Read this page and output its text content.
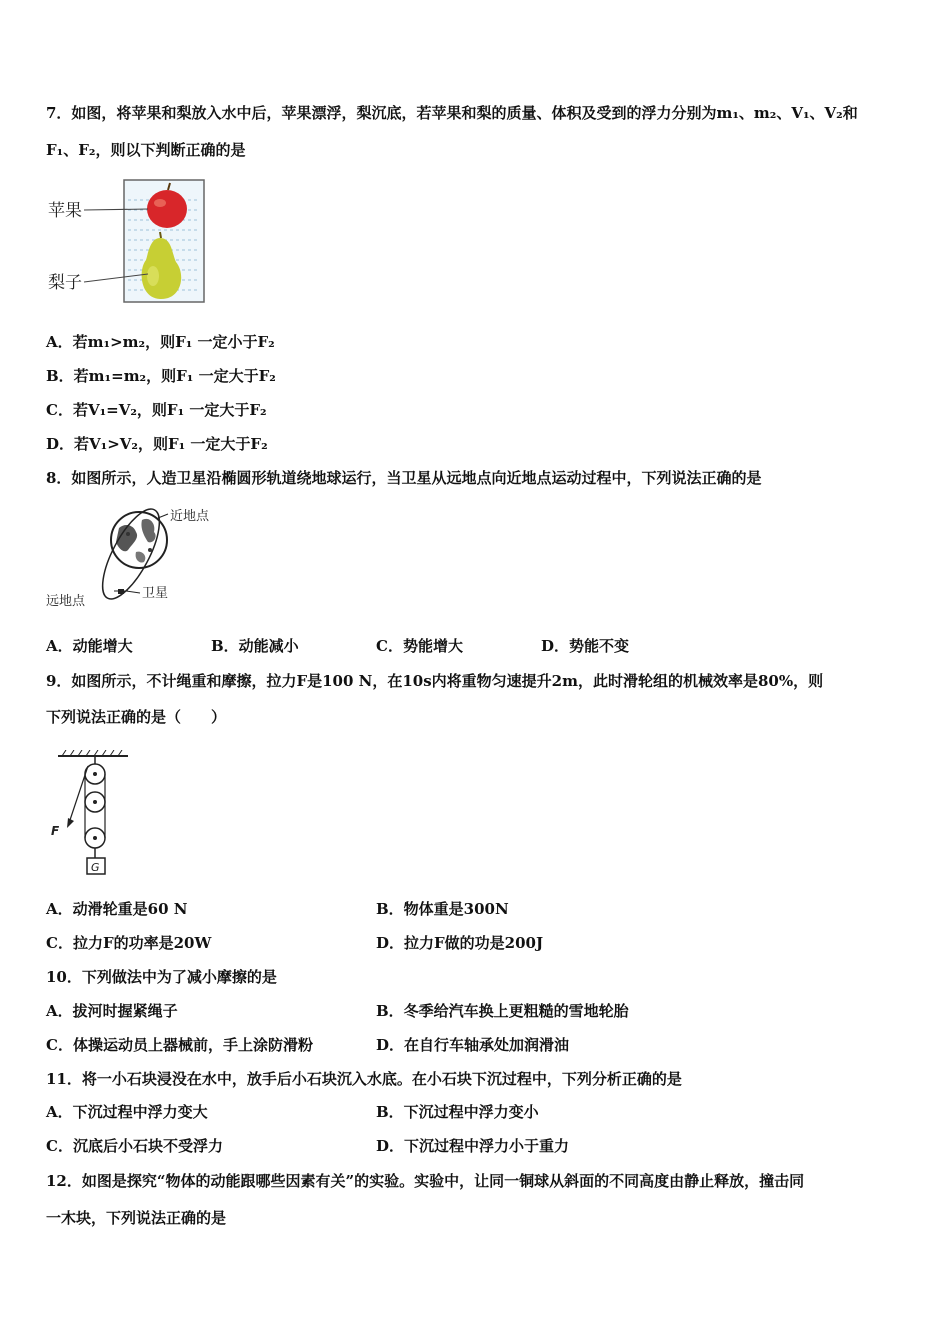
7．如图，将苹果和梨放入水中后，苹果漂浮，梨沉底，若苹果和梨的质量、体积及受到的浮力分别为m₁、m₂、V₁、V₂和
F₁、F₂，则以下判断正确的是
苹果
梨子
A．若m₁>m₂，则F₁ 一定小于F₂
B．若m₁=m₂，则F₁ 一定大于F₂
C．若V₁=V₂，则F₁ 一定大于F₂
D．若V₁>V₂，则F₁ 一定大于F₂
8．如图所示，人造卫星沿椭圆形轨道绕地球运行，当卫星从远地点向近地点运动过程中，下列说法正确的是
近地点
卫星
远地点
A．动能增大	B．动能减小	C．势能增大	D．势能不变
9．如图所示，不计绳重和摩擦，拉力F是100 N，在10s内将重物匀速提升2m，此时滑轮组的机械效率是80%，则
下列说法正确的是（　　）
G
F
A．动滑轮重是60 N	B．物体重是300N
C．拉力F的功率是20W	D．拉力F做的功是200J
10．下列做法中为了减小摩擦的是
A．拔河时握紧绳子	B．冬季给汽车换上更粗糙的雪地轮胎
C．体操运动员上器械前，手上涂防滑粉	D．在自行车轴承处加润滑油
11．将一小石块浸没在水中，放手后小石块沉入水底。在小石块下沉过程中，下列分析正确的是
A．下沉过程中浮力变大	B．下沉过程中浮力变小
C．沉底后小石块不受浮力	D．下沉过程中浮力小于重力
12．如图是探究“物体的动能跟哪些因素有关”的实验。实验中，让同一铜球从斜面的不同高度由静止释放，撞击同
一木块，下列说法正确的是
